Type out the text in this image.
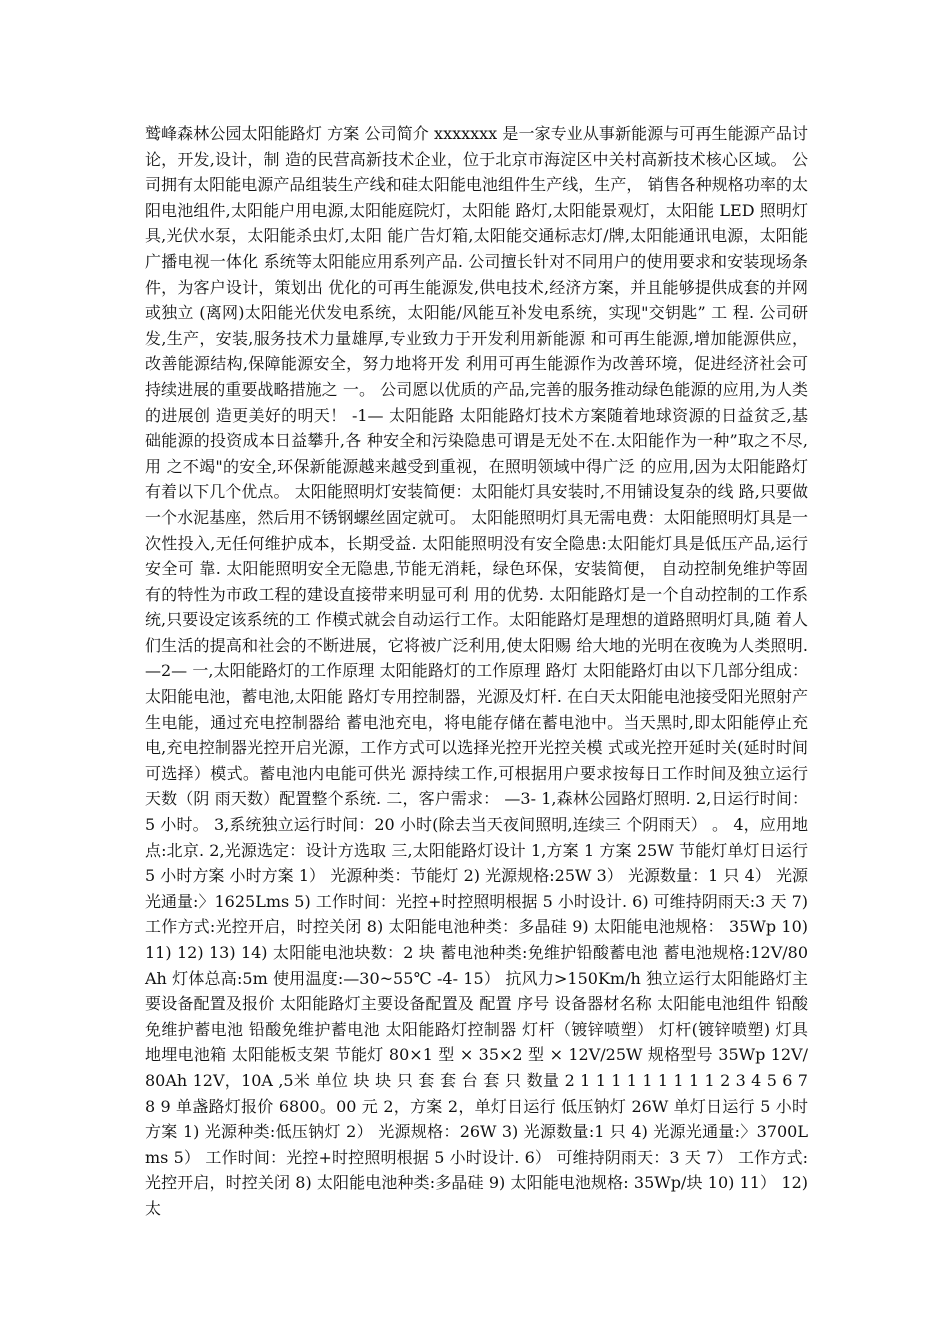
鹫峰森林公园太阳能路灯 方案 公司简介 xxxxxxx 是一家专业从事新能源与可再生能源产品讨论，开发,设计，制 造的民营高新技术企业，位于北京市海淀区中关村高新技术核心区域。 公司拥有太阳能电源产品组装生产线和硅太阳能电池组件生产线，生产， 销售各种规格功率的太阳电池组件,太阳能户用电源,太阳能庭院灯，太阳能 路灯,太阳能景观灯，太阳能 LED 照明灯具,光伏水泵，太阳能杀虫灯,太阳 能广告灯箱,太阳能交通标志灯/牌,太阳能通讯电源，太阳能广播电视一体化 系统等太阳能应用系列产品. 公司擅长针对不同用户的使用要求和安装现场条件，为客户设计，策划出 优化的可再生能源发,供电技术,经济方案，并且能够提供成套的并网或独立 (离网)太阳能光伏发电系统，太阳能/风能互补发电系统，实现"交钥匙” 工 程. 公司研发,生产，安装,服务技术力量雄厚,专业致力于开发利用新能源 和可再生能源,增加能源供应，改善能源结构,保障能源安全，努力地将开发 利用可再生能源作为改善环境，促进经济社会可持续进展的重要战略措施之 一。 公司愿以优质的产品,完善的服务推动绿色能源的应用,为人类的进展创 造更美好的明天！ -1— 太阳能路 太阳能路灯技术方案随着地球资源的日益贫乏,基础能源的投资成本日益攀升,各 种安全和污染隐患可谓是无处不在.太阳能作为一种”取之不尽,用 之不竭"的安全,环保新能源越来越受到重视，在照明领域中得广泛 的应用,因为太阳能路灯有着以下几个优点。 太阳能照明灯安装简便：太阳能灯具安装时,不用铺设复杂的线 路,只要做一个水泥基座，然后用不锈钢螺丝固定就可。 太阳能照明灯具无需电费：太阳能照明灯具是一次性投入,无任何维护成本，长期受益. 太阳能照明没有安全隐患:太阳能灯具是低压产品,运行安全可 靠. 太阳能照明安全无隐患,节能无消耗，绿色环保，安装简便， 自动控制免维护等固有的特性为市政工程的建设直接带来明显可利 用的优势. 太阳能路灯是一个自动控制的工作系统,只要设定该系统的工 作模式就会自动运行工作。太阳能路灯是理想的道路照明灯具,随 着人们生活的提高和社会的不断进展，它将被广泛利用,使太阳赐 给大地的光明在夜晚为人类照明. —2— 一,太阳能路灯的工作原理 太阳能路灯的工作原理 路灯 太阳能路灯由以下几部分组成：太阳能电池，蓄电池,太阳能 路灯专用控制器，光源及灯杆. 在白天太阳能电池接受阳光照射产生电能，通过充电控制器给 蓄电池充电，将电能存储在蓄电池中。当天黑时,即太阳能停止充 电,充电控制器光控开启光源，工作方式可以选择光控开光控关模 式或光控开延时关(延时时间可选择）模式。蓄电池内电能可供光 源持续工作,可根据用户要求按每日工作时间及独立运行天数（阴 雨天数）配置整个系统. 二，客户需求： —3- 1,森林公园路灯照明. 2,日运行时间：5 小时。 3,系统独立运行时间：20 小时(除去当天夜间照明,连续三 个阴雨天） 。 4，应用地点:北京. 2,光源选定：设计方选取 三,太阳能路灯设计 1,方案 1 方案 25W 节能灯单灯日运行 5 小时方案 小时方案 1） 光源种类：节能灯 2) 光源规格:25W 3） 光源数量：1 只 4） 光源光通量:〉1625Lms 5) 工作时间：光控+时控照明根据 5 小时设计. 6) 可维持阴雨天:3 天 7) 工作方式:光控开启，时控关闭 8) 太阳能电池种类：多晶硅 9) 太阳能电池规格： 35Wp 10) 11) 12) 13) 14) 太阳能电池块数：2 块 蓄电池种类:免维护铅酸蓄电池 蓄电池规格:12V/80Ah 灯体总高:5m 使用温度:—30~55℃ -4- 15） 抗风力>150Km/h 独立运行太阳能路灯主要设备配置及报价 太阳能路灯主要设备配置及 配置 序号 设备器材名称 太阳能电池组件 铅酸免维护蓄电池 铅酸免维护蓄电池 太阳能路灯控制器 灯杆（镀锌喷塑） 灯杆(镀锌喷塑) 灯具 地埋电池箱 太阳能板支架 节能灯 80×1 型 × 35×2 型 × 12V/25W 规格型号 35Wp 12V/80Ah 12V，10A ,5米 单位 块 块 只 套 套 台 套 只 数量 2 1 1 1 1 1 1 1 1 1 2 3 4 5 6 7 8 9 单盏路灯报价 6800。00 元 2，方案 2，单灯日运行 低压钠灯 26W 单灯日运行 5 小时方案 1) 光源种类:低压钠灯 2） 光源规格：26W 3) 光源数量:1 只 4) 光源光通量:〉3700Lms 5） 工作时间：光控+时控照明根据 5 小时设计. 6） 可维持阴雨天：3 天 7） 工作方式:光控开启，时控关闭 8) 太阳能电池种类:多晶硅 9) 太阳能电池规格: 35Wp/块 10) 11） 12) 太
